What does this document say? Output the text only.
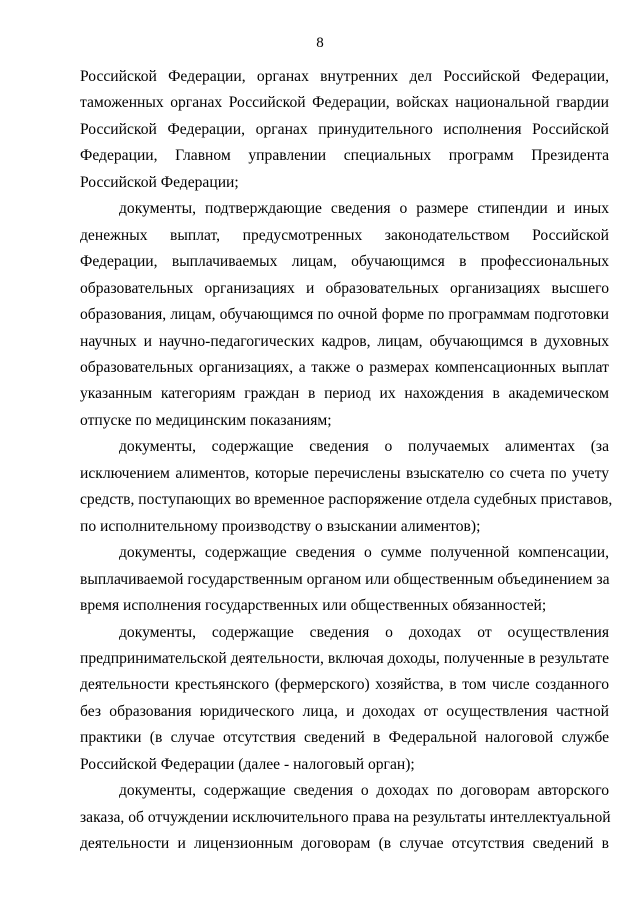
8
Российской Федерации, органах внутренних дел Российской Федерации,
таможенных органах Российской Федерации, войсках национальной гвардии
Российской Федерации, органах принудительного исполнения Российской
Федерации, Главном управлении специальных программ Президента
Российской Федерации;
документы, подтверждающие сведения о размере стипендии и иных
денежных выплат, предусмотренных законодательством Российской
Федерации, выплачиваемых лицам, обучающимся в профессиональных
образовательных организациях и образовательных организациях высшего
образования, лицам, обучающимся по очной форме по программам подготовки
научных и научно-педагогических кадров, лицам, обучающимся в духовных
образовательных организациях, а также о размерах компенсационных выплат
указанным категориям граждан в период их нахождения в академическом
отпуске по медицинским показаниям;
документы, содержащие сведения о получаемых алиментах (за
исключением алиментов, которые перечислены взыскателю со счета по учету
средств, поступающих во временное распоряжение отдела судебных приставов,
по исполнительному производству о взыскании алиментов);
документы, содержащие сведения о сумме полученной компенсации,
выплачиваемой государственным органом или общественным объединением за
время исполнения государственных или общественных обязанностей;
документы, содержащие сведения о доходах от осуществления
предпринимательской деятельности, включая доходы, полученные в результате
деятельности крестьянского (фермерского) хозяйства, в том числе созданного
без образования юридического лица, и доходах от осуществления частной
практики (в случае отсутствия сведений в Федеральной налоговой службе
Российской Федерации (далее - налоговый орган);
документы, содержащие сведения о доходах по договорам авторского
заказа, об отчуждении исключительного права на результаты интеллектуальной
деятельности и лицензионным договорам (в случае отсутствия сведений в
